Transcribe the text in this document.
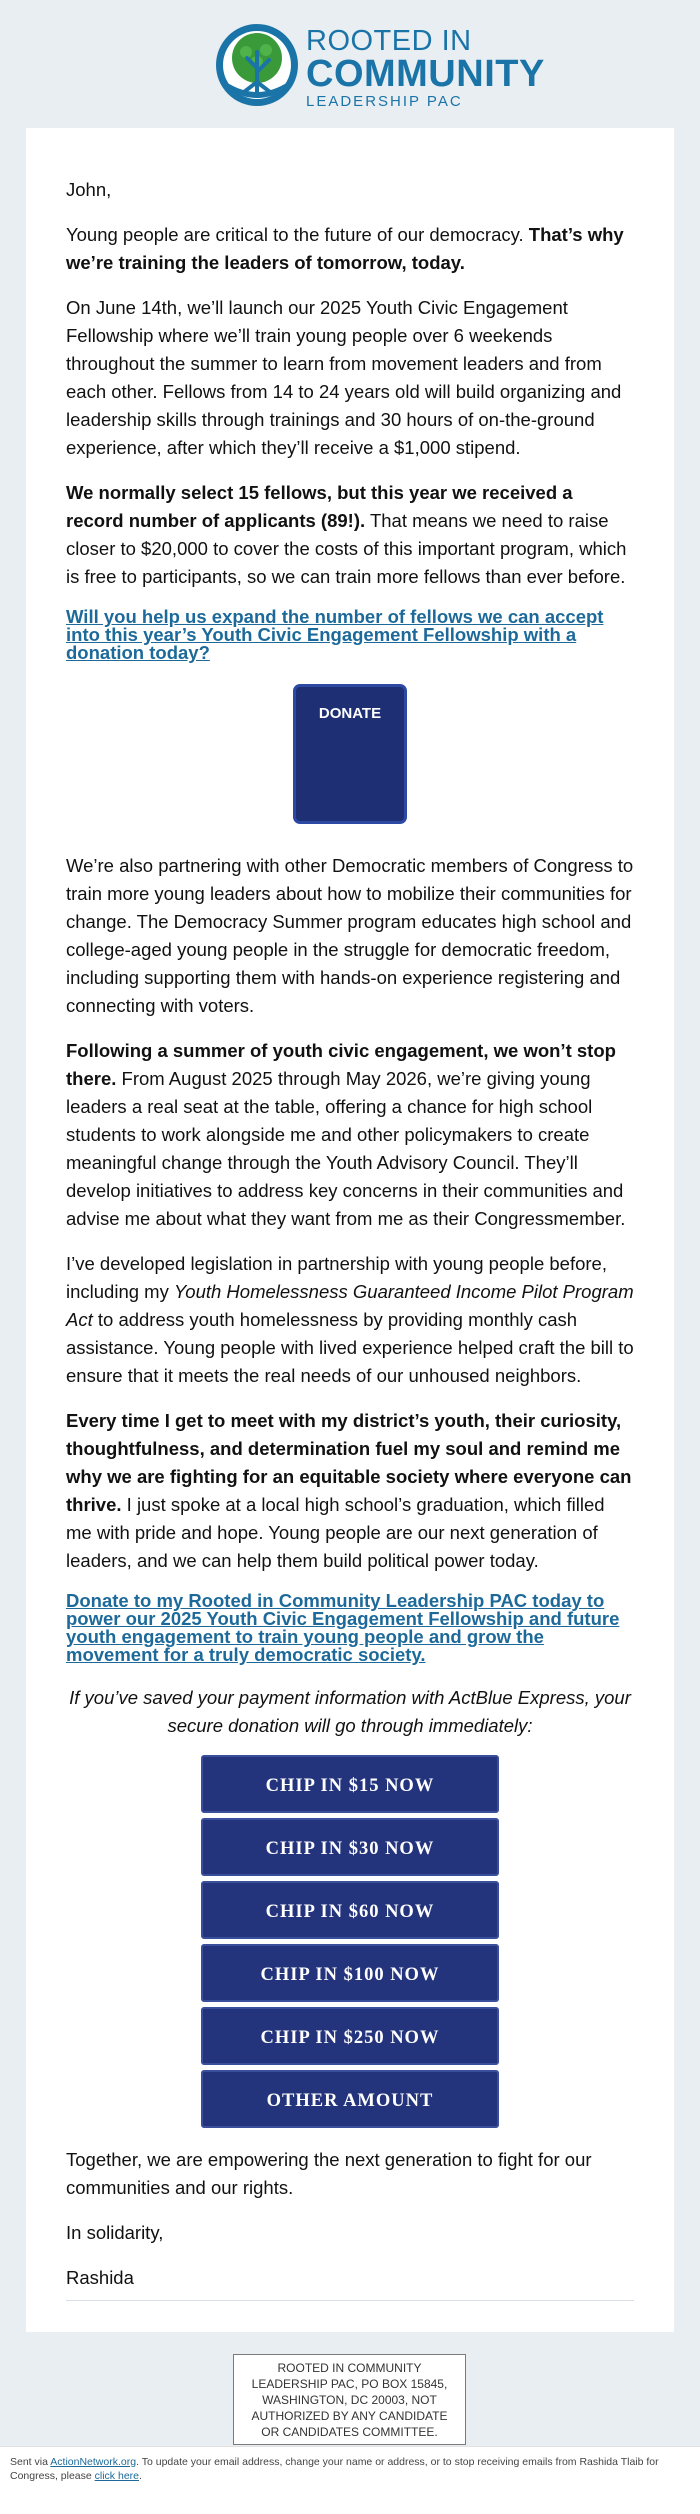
ROOTED IN
COMMUNITY
LEADERSHIP PAC

John,

Young people are critical to the future of our democracy. That’s why we’re training the leaders of tomorrow, today.

On June 14th, we’ll launch our 2025 Youth Civic Engagement Fellowship where we’ll train young people over 6 weekends throughout the summer to learn from movement leaders and from each other. Fellows from 14 to 24 years old will build organizing and leadership skills through trainings and 30 hours of on-the-ground experience, after which they’ll receive a $1,000 stipend.

We normally select 15 fellows, but this year we received a record number of applicants (89!). That means we need to raise closer to $20,000 to cover the costs of this important program, which is free to participants, so we can train more fellows than ever before.

Will you help us expand the number of fellows we can accept into this year’s Youth Civic Engagement Fellowship with a donation today?
DONATE

We’re also partnering with other Democratic members of Congress to train more young leaders about how to mobilize their communities for change. The Democracy Summer program educates high school and college-aged young people in the struggle for democratic freedom, including supporting them with hands-on experience registering and connecting with voters.

Following a summer of youth civic engagement, we won’t stop there. From August 2025 through May 2026, we’re giving young leaders a real seat at the table, offering a chance for high school students to work alongside me and other policymakers to create meaningful change through the Youth Advisory Council. They’ll develop initiatives to address key concerns in their communities and advise me about what they want from me as their Congressmember.

I’ve developed legislation in partnership with young people before, including my Youth Homelessness Guaranteed Income Pilot Program Act to address youth homelessness by providing monthly cash assistance. Young people with lived experience helped craft the bill to ensure that it meets the real needs of our unhoused neighbors.

Every time I get to meet with my district’s youth, their curiosity, thoughtfulness, and determination fuel my soul and remind me why we are fighting for an equitable society where everyone can thrive. I just spoke at a local high school’s graduation, which filled me with pride and hope. Young people are our next generation of leaders, and we can help them build political power today.

Donate to my Rooted in Community Leadership PAC today to power our 2025 Youth Civic Engagement Fellowship and future youth engagement to train young people and grow the movement for a truly democratic society.
If you’ve saved your payment information with ActBlue Express, your secure donation will go through immediately:
CHIP IN $15 NOW
CHIP IN $30 NOW
CHIP IN $60 NOW
CHIP IN $100 NOW
CHIP IN $250 NOW
OTHER AMOUNT

Together, we are empowering the next generation to fight for our communities and our rights.

In solidarity,

Rashida

ROOTED IN COMMUNITY LEADERSHIP PAC, PO BOX 15845, WASHINGTON, DC 20003, NOT AUTHORIZED BY ANY CANDIDATE OR CANDIDATES COMMITTEE.
Sent via ActionNetwork.org. To update your email address, change your name or address, or to stop receiving emails from Rashida Tlaib for Congress, please click here.
